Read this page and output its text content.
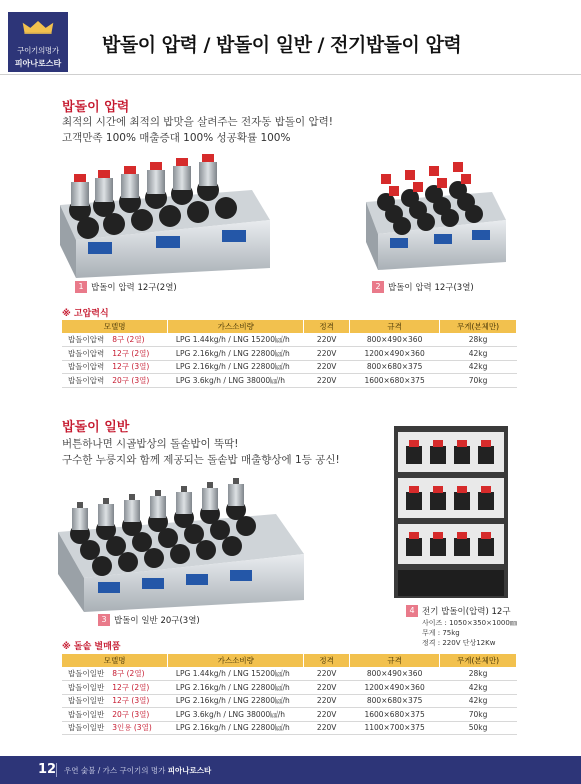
구이기의명가
피아나로스타
밥돌이 압력 / 밥돌이 일반 / 전기밥돌이 압력
밥돌이 압력
최적의 시간에 최적의 밥맛을 살려주는 전자동 밥돌이 압력!
고객만족 100% 매출증대 100% 성공확률 100%
1 밥돌이 압력 12구(2열)	2 밥돌이 압력 12구(3열)
※ 고압력식
모델명	가스소비량	정격	규격	무게(본체만)
밥돌이압력 8구 (2열)	LPG 1.44kg/h / LNG 15200㎉/h	220V	800×490×360	28kg
밥돌이압력 12구 (2열)	LPG 2.16kg/h / LNG 22800㎉/h	220V	1200×490×360	42kg
밥돌이압력 12구 (3열)	LPG 2.16kg/h / LNG 22800㎉/h	220V	800×680×375	42kg
밥돌이압력 20구 (3열)	LPG 3.6kg/h / LNG 38000㎉/h	220V	1600×680×375	70kg
밥돌이 일반
버튼하나면 시골밥상의 돌솥밥이 뚝딱!
구수한 누룽지와 함께 제공되는 돌솥밥 매출향상에 1등 공신!
3 밥돌이 일반 20구(3열)
4 전기 밥돌이(압력) 12구
사이즈 : 1050×350×1000㎜
무게 : 75kg
정격 : 220V 단상12Kw
※ 돌솥 별매품
모델명	가스소비량	정격	규격	무게(본체만)
밥돌이일반 8구 (2열)	LPG 1.44kg/h / LNG 15200㎉/h	220V	800×490×360	28kg
밥돌이일반 12구 (2열)	LPG 2.16kg/h / LNG 22800㎉/h	220V	1200×490×360	42kg
밥돌이일반 12구 (3열)	LPG 2.16kg/h / LNG 22800㎉/h	220V	800×680×375	42kg
밥돌이일반 20구 (3열)	LPG 3.6kg/h / LNG 38000㎉/h	220V	1600×680×375	70kg
밥돌이일반 3인용 (3열)	LPG 2.16kg/h / LNG 22800㎉/h	220V	1100×700×375	50kg
12 우연 숯불 / 가스 구이기의 명가 피아나로스타
